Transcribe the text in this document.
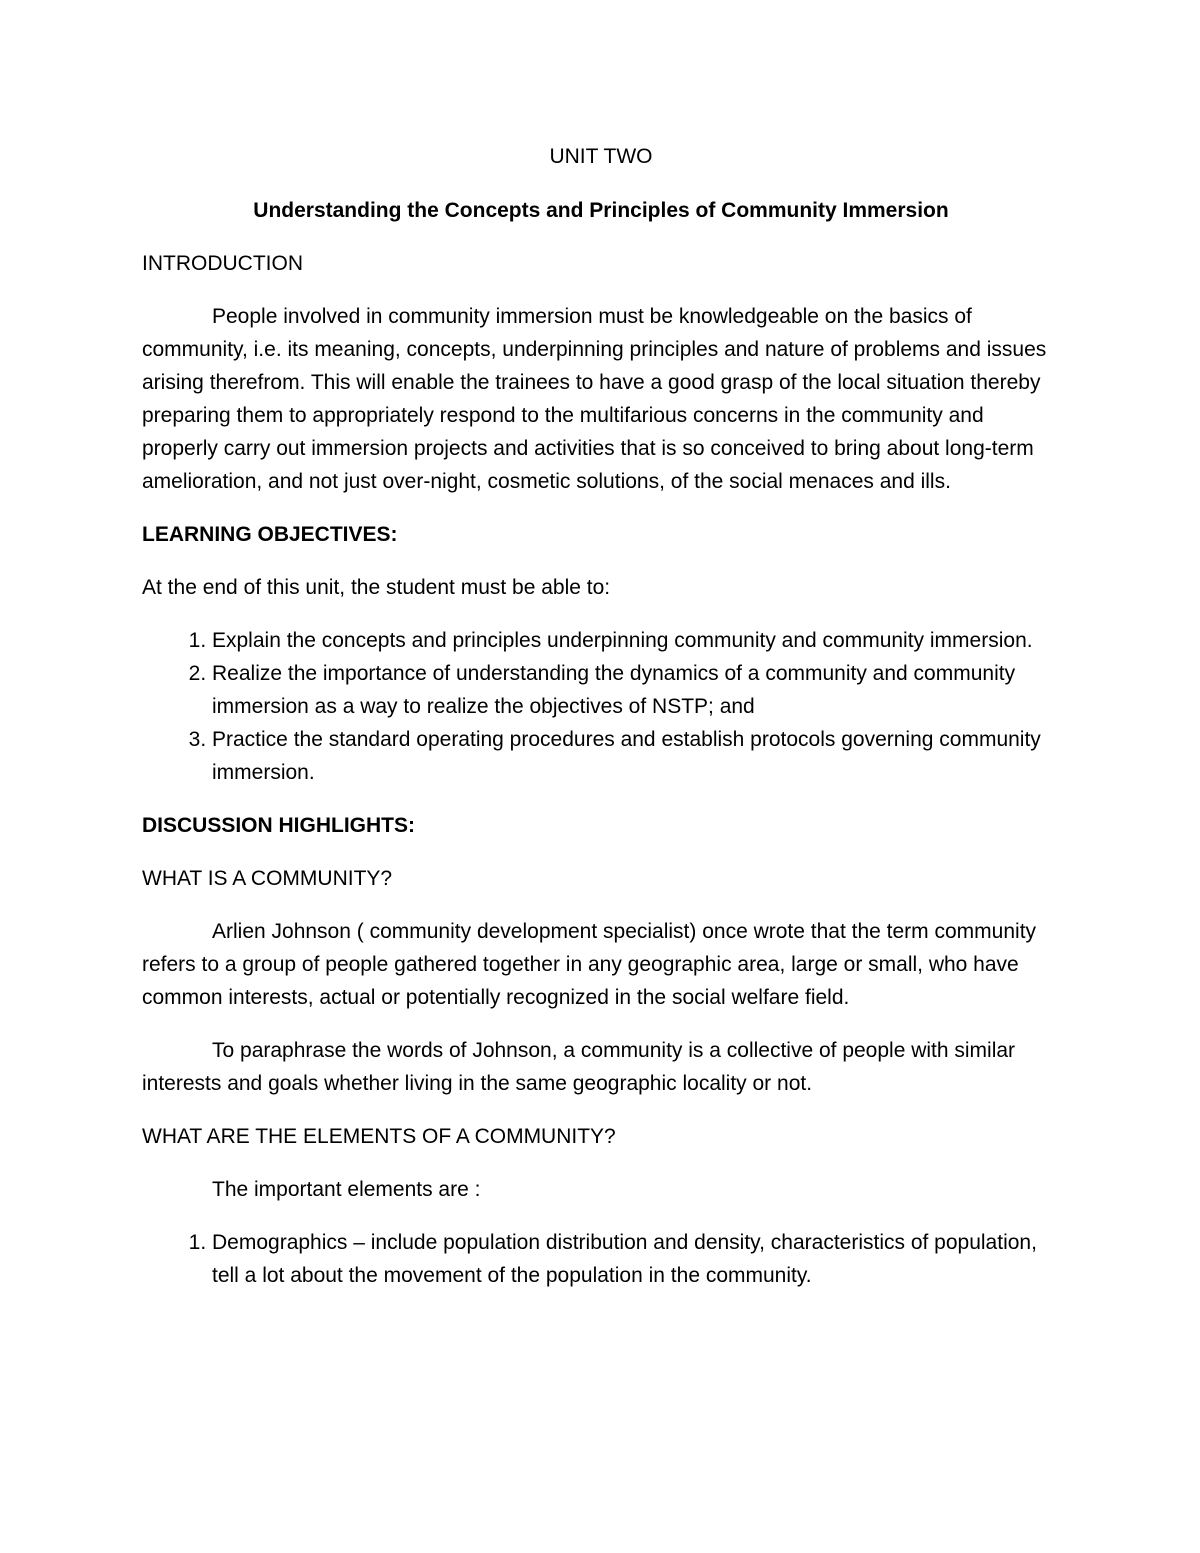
UNIT TWO

Understanding the Concepts and Principles of Community Immersion

INTRODUCTION

People involved in community immersion must be knowledgeable on the basics of community, i.e. its meaning, concepts, underpinning principles and nature of problems and issues arising therefrom. This will enable the trainees to have a good grasp of the local situation thereby preparing them to appropriately respond to the multifarious concerns in the community and properly carry out immersion projects and activities that is so conceived to bring about long-term amelioration, and not just over-night, cosmetic solutions, of the social menaces and ills.

LEARNING OBJECTIVES:

At the end of this unit, the student must be able to:

1. Explain the concepts and principles underpinning community and community immersion.
2. Realize the importance of understanding the dynamics of a community and community immersion as a way to realize the objectives of NSTP; and
3. Practice the standard operating procedures and establish protocols governing community immersion.

DISCUSSION HIGHLIGHTS:

WHAT IS A COMMUNITY?

Arlien Johnson ( community development specialist) once wrote that the term community refers to a group of people gathered together in any geographic area, large or small, who have common interests, actual or potentially recognized in the social welfare field.

To paraphrase the words of Johnson, a community is a collective of people with similar interests and goals whether living in the same geographic locality or not.

WHAT ARE THE ELEMENTS OF A COMMUNITY?

The important elements are :

1. Demographics – include population distribution and density, characteristics of population, tell a lot about the movement of the population in the community.
